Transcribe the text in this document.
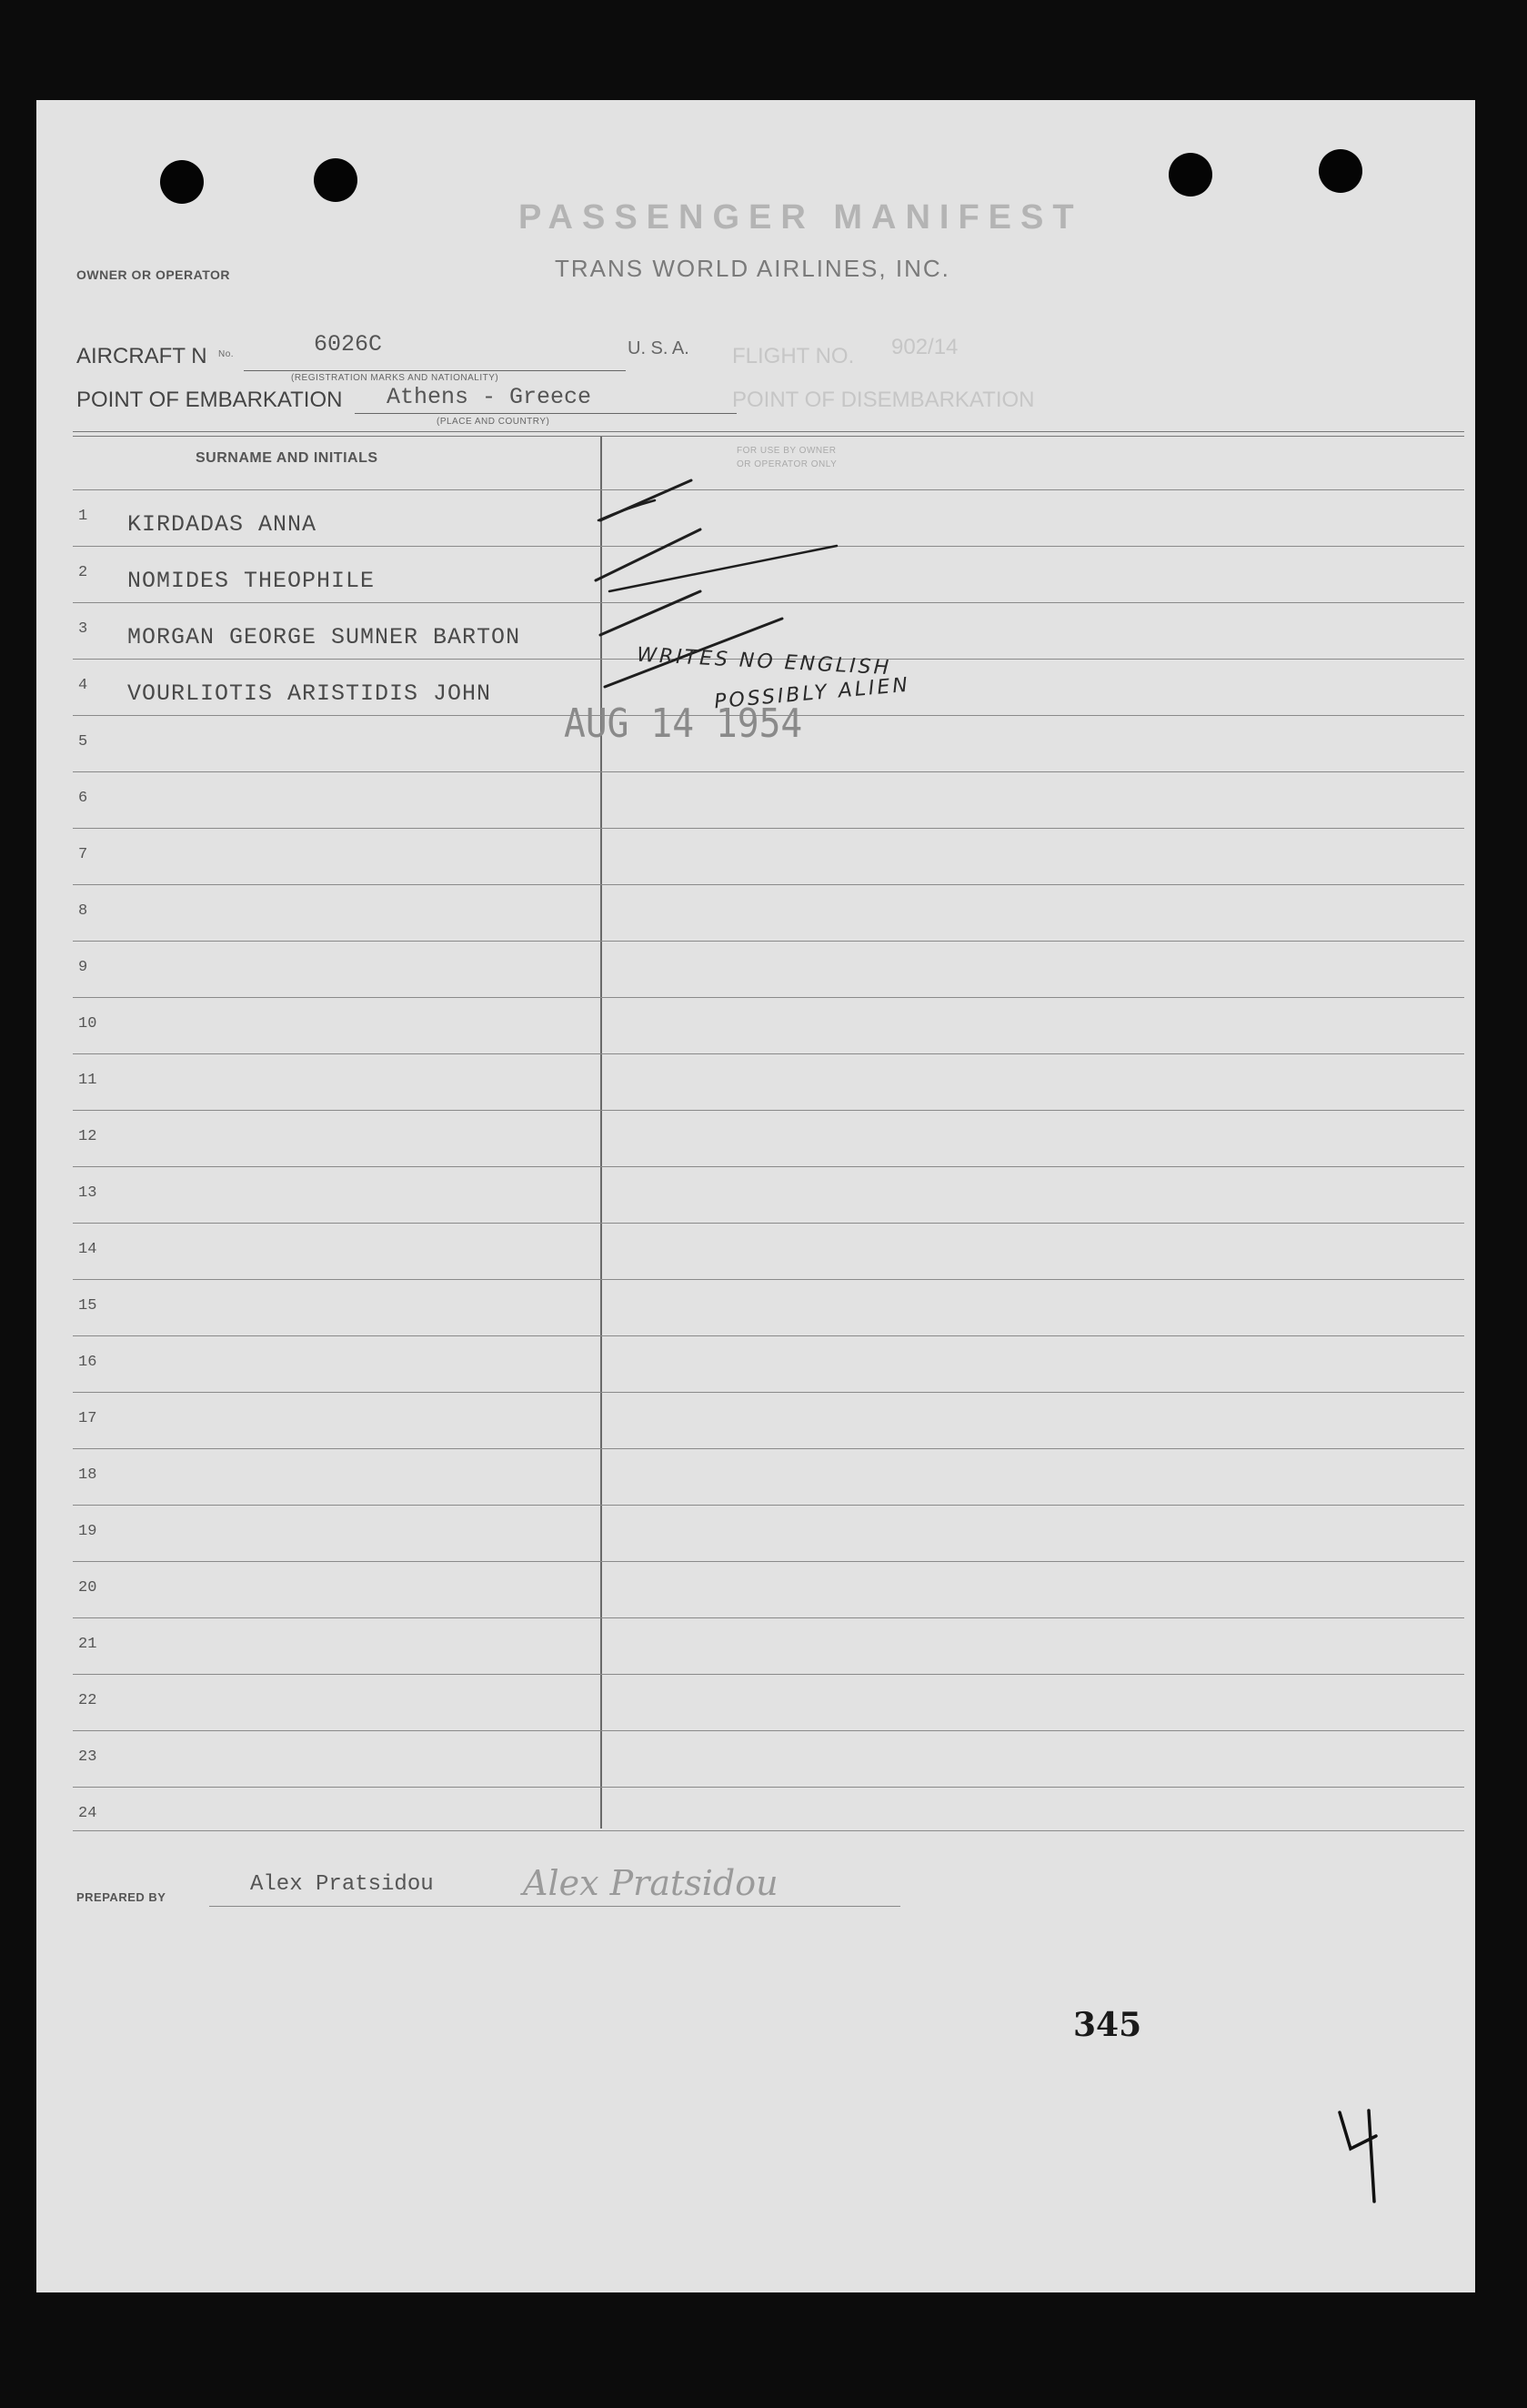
PASSENGER MANIFEST
TRANS WORLD AIRLINES, INC.
OWNER OR OPERATOR
AIRCRAFT N No.	6026C	U. S. A.
(REGISTRATION MARKS AND NATIONALITY)
FLIGHT NO. 902/14
POINT OF EMBARKATION Athens - Greece
(PLACE AND COUNTRY)
POINT OF DISEMBARKATION
SURNAME AND INITIALS	FOR USE BY OWNER
OR OPERATOR ONLY
1 KIRDADAS ANNA
2 NOMIDES THEOPHILE
3 MORGAN GEORGE SUMNER BARTON
4 VOURLIOTIS ARISTIDIS JOHN
5
6
7
8
9
10
11
12
13
14
15
16
17
18
19
20
21
22
23
24
WRITES NO ENGLISH
POSSIBLY ALIEN
AUG 14 1954
PREPARED BY
Alex Pratsidou	Alex Pratsidou
345
